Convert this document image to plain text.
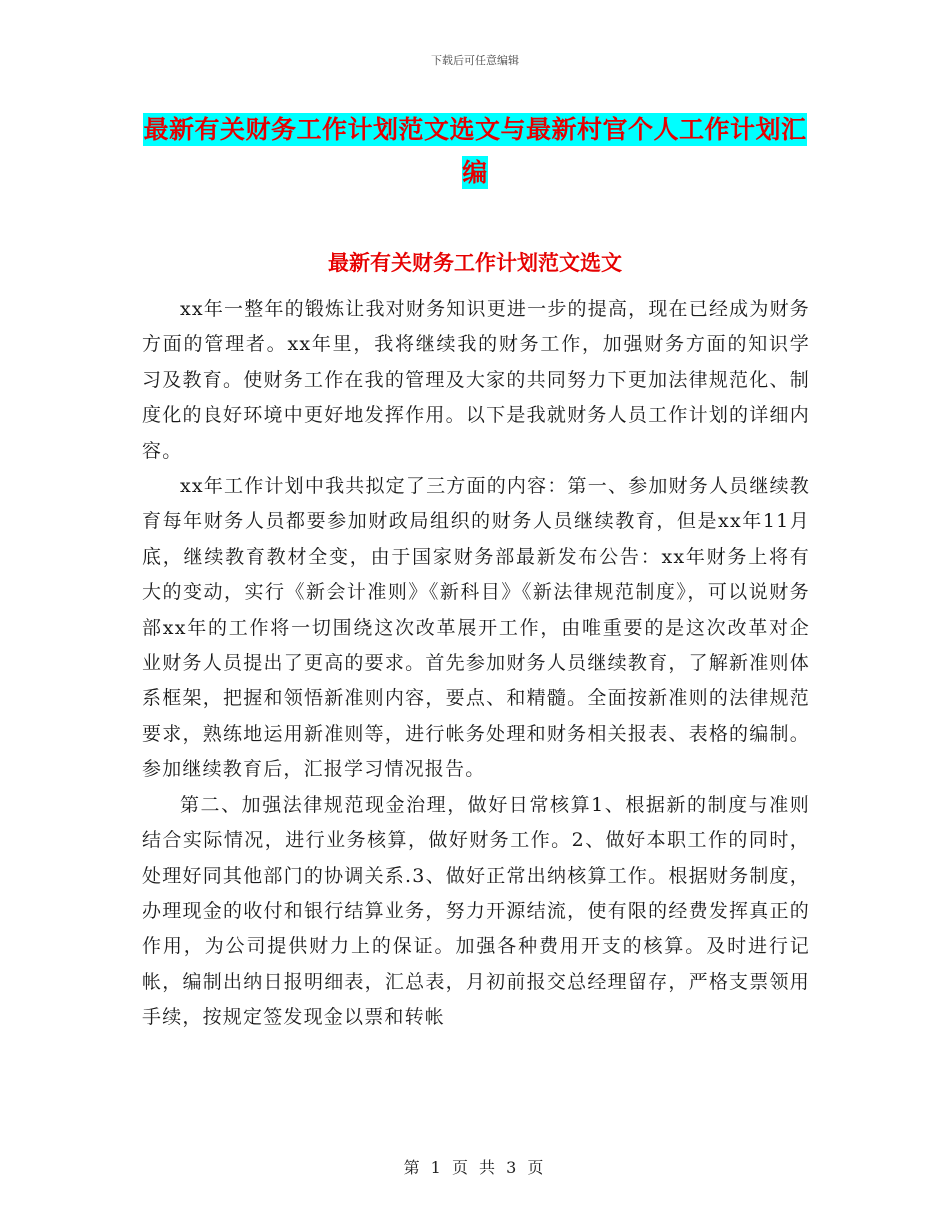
下载后可任意编辑
最新有关财务工作计划范文选文与最新村官个人工作计划汇编
最新有关财务工作计划范文选文

xx年一整年的锻炼让我对财务知识更进一步的提高，现在已经成为财务方面的管理者。xx年里，我将继续我的财务工作，加强财务方面的知识学习及教育。使财务工作在我的管理及大家的共同努力下更加法律规范化、制度化的良好环境中更好地发挥作用。以下是我就财务人员工作计划的详细内容。

xx年工作计划中我共拟定了三方面的内容：第一、参加财务人员继续教育每年财务人员都要参加财政局组织的财务人员继续教育，但是xx年11月底，继续教育教材全变，由于国家财务部最新发布公告：xx年财务上将有大的变动，实行《新会计准则》《新科目》《新法律规范制度》，可以说财务部xx年的工作将一切围绕这次改革展开工作，由唯重要的是这次改革对企业财务人员提出了更高的要求。首先参加财务人员继续教育，了解新准则体系框架，把握和领悟新准则内容，要点、和精髓。全面按新准则的法律规范要求，熟练地运用新准则等，进行帐务处理和财务相关报表、表格的编制。参加继续教育后，汇报学习情况报告。

第二、加强法律规范现金治理，做好日常核算1、根据新的制度与准则结合实际情况，进行业务核算，做好财务工作。2、做好本职工作的同时，处理好同其他部门的协调关系.3、做好正常出纳核算工作。根据财务制度，办理现金的收付和银行结算业务，努力开源结流，使有限的经费发挥真正的作用，为公司提供财力上的保证。加强各种费用开支的核算。及时进行记帐，编制出纳日报明细表，汇总表，月初前报交总经理留存，严格支票领用手续，按规定签发现金以票和转帐

第 1 页 共 3 页
